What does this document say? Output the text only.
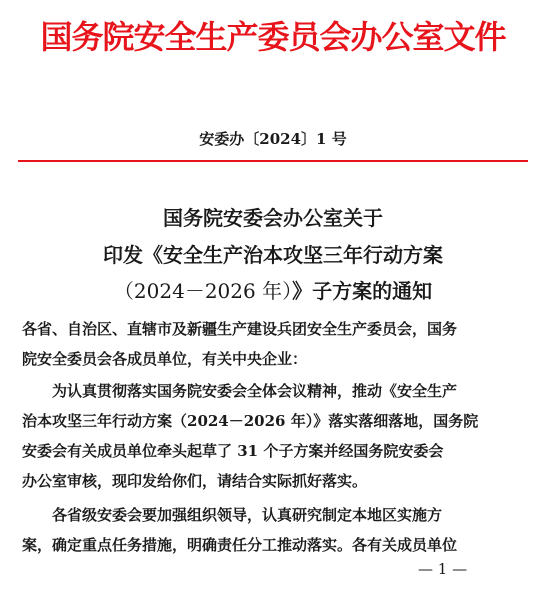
国务院安全生产委员会办公室文件
安委办〔2024〕1 号
国务院安委会办公室关于
印发《安全生产治本攻坚三年行动方案
（2024－2026 年）》子方案的通知

各省、自治区、直辖市及新疆生产建设兵团安全生产委员会，国务

院安全委员会各成员单位，有关中央企业：

为认真贯彻落实国务院安委会全体会议精神，推动《安全生产

治本攻坚三年行动方案（2024－2026 年）》落实落细落地，国务院

安委会有关成员单位牵头起草了 31 个子方案并经国务院安委会

办公室审核，现印发给你们，请结合实际抓好落实。

各省级安委会要加强组织领导，认真研究制定本地区实施方

案，确定重点任务措施，明确责任分工推动落实。各有关成员单位

— 1 —
